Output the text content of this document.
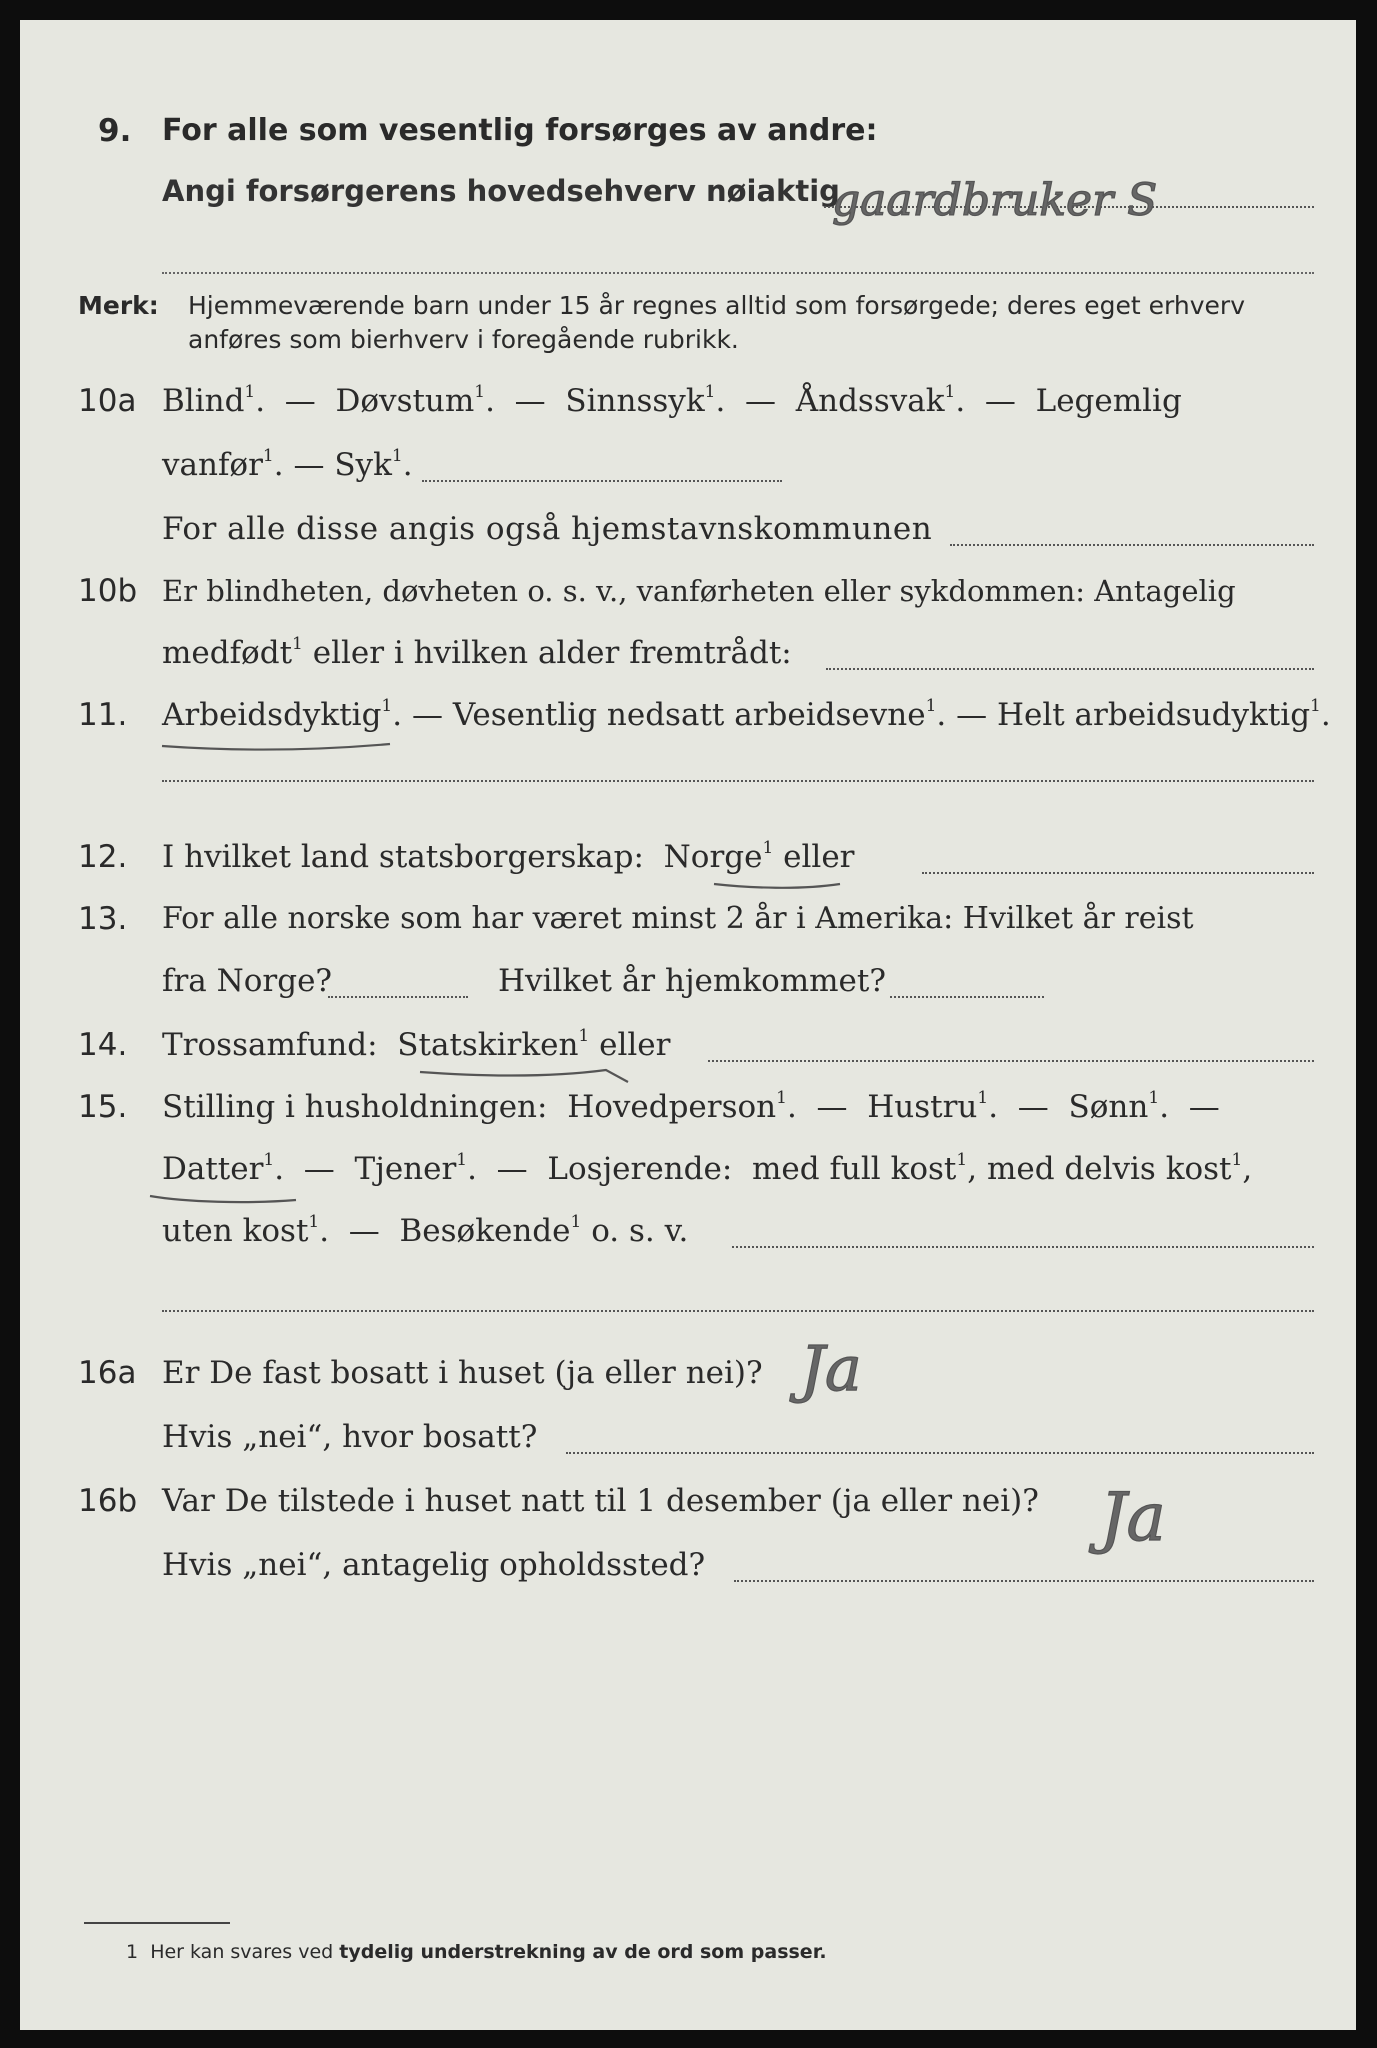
9. For alle som vesentlig forsørges av andre:
Angi forsørgerens hovedsehverv nøiaktig
gaardbruker S
Merk: Hjemmeværende barn under 15 år regnes alltid som forsørgede; deres eget erhverv
anføres som bierhverv i foregående rubrikk.
10a Blind$^1$.  —  Døvstum$^1$.  —  Sinnssyk$^1$.  —  Åndssvak$^1$.  —  Legemlig
vanfør$^1$. — Syk$^1$.
For alle disse angis også hjemstavnskommunen
10b Er blindheten, døvheten o. s. v., vanførheten eller sykdommen: Antagelig
medfødt$^1$ eller i hvilken alder fremtrådt:
11. Arbeidsdyktig$^1$. — Vesentlig nedsatt arbeidsevne$^1$. — Helt arbeidsudyktig$^1$.
12. I hvilket land statsborgerskap: Norge$^1$ eller
13. For alle norske som har været minst 2 år i Amerika: Hvilket år reist
fra Norge?	Hvilket år hjemkommet?
14. Trossamfund: Statskirken$^1$ eller
15. Stilling i husholdningen: Hovedperson$^1$.  —  Hustru$^1$.  —  Sønn$^1$.  —
Datter$^1$.  —  Tjener$^1$.  —  Losjerende: med full kost$^1$, med delvis kost$^1$,
uten kost$^1$.  —  Besøkende$^1$ o. s. v.
16a Er De fast bosatt i huset (ja eller nei)? Ja
Hvis „nei“, hvor bosatt?
16b Var De tilstede i huset natt til 1 desember (ja eller nei)? Ja
Hvis „nei“, antagelig opholdssted?
1 Her kan svares ved tydelig understrekning av de ord som passer.
